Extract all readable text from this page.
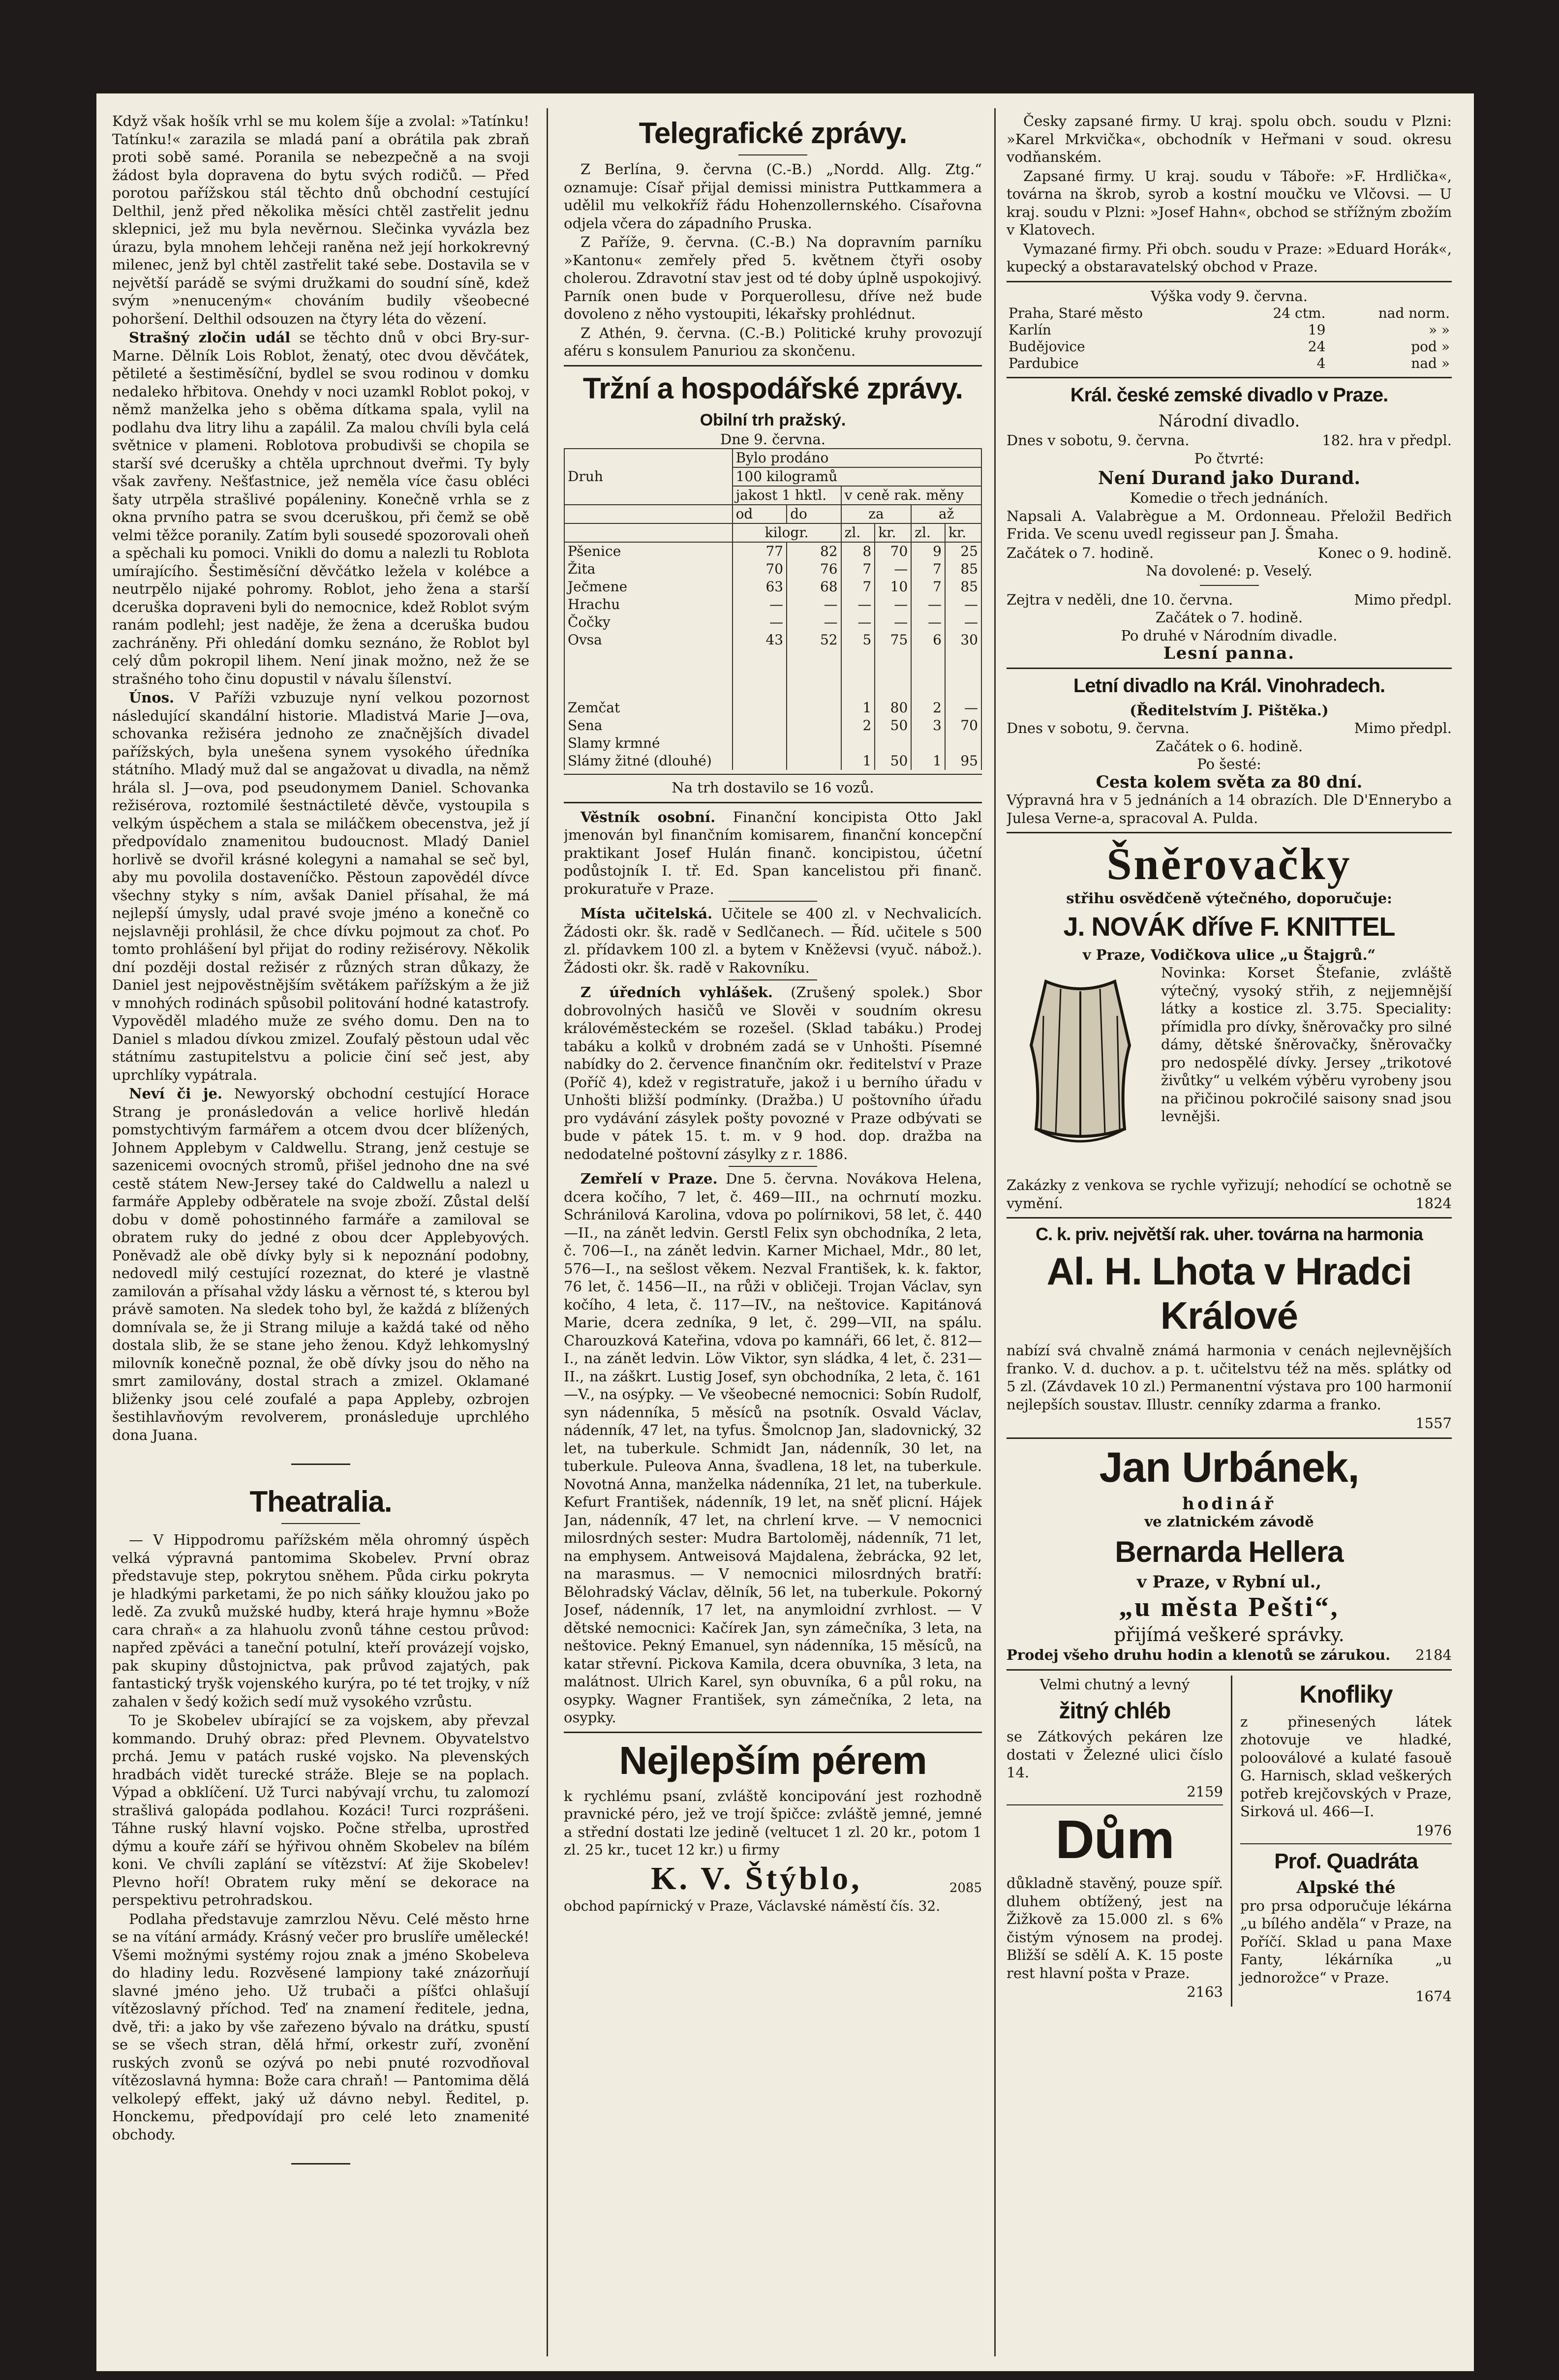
Když však hošík vrhl se mu kolem šíje a zvolal: »Tatínku! Tatínku!« zarazila se mladá paní a obrátila pak zbraň proti sobě samé. Poranila se nebezpečně a na svoji žádost byla dopravena do bytu svých rodičů. — Před porotou pařížskou stál těchto dnů obchodní cestující Delthil, jenž před několika měsíci chtěl zastřelit jednu sklepnici, jež mu byla nevěrnou. Slečinka vyvázla bez úrazu, byla mnohem lehčeji raněna než její horkokrevný milenec, jenž byl chtěl zastřelit také sebe. Dostavila se v největší parádě se svými družkami do soudní síně, kdež svým »nenuceným« chováním budily všeobecné pohoršení. Delthil odsouzen na čtyry léta do vězení.

Strašný zločin udál se těchto dnů v obci Bry-sur-Marne. Dělník Lois Roblot, ženatý, otec dvou děvčátek, pětileté a šestiměsíční, bydlel se svou rodinou v domku nedaleko hřbitova. Onehdy v noci uzamkl Roblot pokoj, v němž manželka jeho s oběma dítkama spala, vylil na podlahu dva litry lihu a zapálil. Za malou chvíli byla celá světnice v plameni. Roblotova probudivši se chopila se starší své dcerušky a chtěla uprchnout dveřmi. Ty byly však zavřeny. Nešťastnice, jež neměla více času obléci šaty utrpěla strašlivé popáleniny. Konečně vrhla se z okna prvního patra se svou dceruškou, při čemž se obě velmi těžce poranily. Zatím byli sousedé spozorovali oheň a spěchali ku pomoci. Vnikli do domu a nalezli tu Roblota umírajícího. Šestiměsíční děvčátko ležela v kolébce a neutrpělo nijaké pohromy. Roblot, jeho žena a starší dceruška dopraveni byli do nemocnice, kdež Roblot svým ranám podlehl; jest naděje, že žena a dceruška budou zachráněny. Při ohledání domku seznáno, že Roblot byl celý dům pokropil lihem. Není jinak možno, než že se strašného toho činu dopustil v návalu šílenství.

Únos. V Paříži vzbuzuje nyní velkou pozornost následující skandální historie. Mladistvá Marie J—ova, schovanka režiséra jednoho ze značnějších divadel pařížských, byla unešena synem vysokého úředníka státního. Mladý muž dal se angažovat u divadla, na němž hrála sl. J—ova, pod pseudonymem Daniel. Schovanka režisérova, roztomilé šestnáctileté děvče, vystoupila s velkým úspěchem a stala se miláčkem obecenstva, jež jí předpovídalo znamenitou budoucnost. Mladý Daniel horlivě se dvořil krásné kolegyni a namahal se seč byl, aby mu povolila dostaveníčko. Pěstoun zapovědél dívce všechny styky s ním, avšak Daniel přísahal, že má nejlepší úmysly, udal pravé svoje jméno a konečně co nejslavněji prohlásil, že chce dívku pojmout za choť. Po tomto prohlášení byl přijat do rodiny režisérovy. Několik dní později dostal režisér z různých stran důkazy, že Daniel jest nejpověstnějším světákem pařížským a že již v mnohých rodinách spůsobil politování hodné katastrofy. Vypověděl mladého muže ze svého domu. Den na to Daniel s mladou dívkou zmizel. Zoufalý pěstoun udal věc státnímu zastupitelstvu a policie činí seč jest, aby uprchlíky vypátrala.

Neví či je. Newyorský obchodní cestující Horace Strang je pronásledován a velice horlivě hledán pomstychtivým farmářem a otcem dvou dcer blížených, Johnem Applebym v Caldwellu. Strang, jenž cestuje se sazenicemi ovocných stromů, přišel jednoho dne na své cestě státem New-Jersey také do Caldwellu a nalezl u farmáře Appleby odběratele na svoje zboží. Zůstal delší dobu v domě pohostinného farmáře a zamiloval se obratem ruky do jedné z obou dcer Applebyových. Poněvadž ale obě dívky byly si k nepoznání podobny, nedovedl milý cestující rozeznat, do které je vlastně zamilován a přísahal vždy lásku a věrnost té, s kterou byl právě samoten. Na sledek toho byl, že každá z blížených domnívala se, že ji Strang miluje a každá také od něho dostala slib, že se stane jeho ženou. Když lehkomyslný milovník konečně poznal, že obě dívky jsou do něho na smrt zamilovány, dostal strach a zmizel. Oklamané bliženky jsou celé zoufalé a papa Appleby, ozbrojen šestihlavňovým revolverem, pronásleduje uprchlého dona Juana.

Theatralia.

— V Hippodromu pařížském měla ohromný úspěch velká výpravná pantomima Skobelev. První obraz představuje step, pokrytou sněhem. Půda cirku pokryta je hladkými parketami, že po nich sáňky kloužou jako po ledě. Za zvuků mužské hudby, která hraje hymnu »Bože cara chraň« a za hlahuolu zvonů táhne cestou průvod: napřed zpěváci a taneční potulní, kteří provázejí vojsko, pak skupiny důstojnictva, pak průvod zajatých, pak fantastický tryšk vojenského kurýra, po té tet trojky, v níž zahalen v šedý kožich sedí muž vysokého vzrůstu.

To je Skobelev ubírající se za vojskem, aby převzal kommando. Druhý obraz: před Plevnem. Obyvatelstvo prchá. Jemu v patách ruské vojsko. Na plevenských hradbách vidět turecké stráže. Bleje se na poplach. Výpad a obklíčení. Už Turci nabývají vrchu, tu zalomozí strašlivá galopáda podlahou. Kozáci! Turci rozprášeni. Táhne ruský hlavní vojsko. Počne střelba, uprostřed dýmu a kouře září se hýřivou ohněm Skobelev na bílém koni. Ve chvíli zaplání se vítězství: Ať žije Skobelev! Plevno hoří! Obratem ruky mění se dekorace na perspektivu petrohradskou.

Podlaha představuje zamrzlou Něvu. Celé město hrne se na vítání armády. Krásný večer pro bruslíře umělecké! Všemi možnými systémy rojou znak a jméno Skobeleva do hladiny ledu. Rozvěsené lampiony také znázorňují slavné jméno jeho. Už trubači a píšťci ohlašují vítězoslavný příchod. Teď na znamení ředitele, jedna, dvě, tři: a jako by vše zařezeno bývalo na drátku, spustí se se všech stran, dělá hřmí, orkestr zuří, zvonění ruských zvonů se ozývá po nebi pnuté rozvodňoval vítězoslavná hymna: Bože cara chraň! — Pantomima dělá velkolepý effekt, jaký už dávno nebyl. Ředitel, p. Honckemu, předpovídají pro celé leto znamenité obchody.

Telegrafické zprávy.

Z Berlína, 9. června (C.-B.) „Nordd. Allg. Ztg.“ oznamuje: Císař přijal demissi ministra Puttkammera a udělil mu velkokříž řádu Hohenzollernského. Císařovna odjela včera do západního Pruska.

Z Paříže, 9. června. (C.-B.) Na dopravním parníku »Kantonu« zemřely před 5. květnem čtyři osoby cholerou. Zdravotní stav jest od té doby úplně uspokojivý. Parník onen bude v Porquerollesu, dříve než bude dovoleno z něho vystoupiti, lékařsky prohlédnut.

Z Athén, 9. června. (C.-B.) Politické kruhy provozují aféru s konsulem Panuriou za skončenu.

Tržní a hospodářské zprávy.
Obilní trh pražský.

Dne 9. června.

Druh	Bylo prodáno					
	100 kilogramů					
	jakost 1 hktl.		v ceně rak. měny			
	od	do	za		až	
	kilogr.		zl.	kr.	zl.	kr.
Pšenice	77	82	8	70	9	25
Žita	70	76	7	—	7	85
Ječmene	63	68	7	10	7	85
Hrachu	—	—	—	—	—	—
Čočky	—	—	—	—	—	—
Ovsa	43	52	5	75	6	30

Zemčat			1	80	2	—
Sena			2	50	3	70
Slamy krmné						
Slámy žitné (dlouhé)			1	50	1	95

Na trh dostavilo se 16 vozů.

Věstník osobní. Finanční koncipista Otto Jakl jmenován byl finančním komisarem, finanční koncepční praktikant Josef Hulán finanč. koncipistou, účetní podůstojník I. tř. Ed. Span kancelistou při finanč. prokuratuře v Praze.

Místa učitelská. Učitele se 400 zl. v Nechvalicích. Žádosti okr. šk. radě v Sedlčanech. — Říd. učitele s 500 zl. přídavkem 100 zl. a bytem v Kněževsi (vyuč. nábož.). Žádosti okr. šk. radě v Rakovníku.

Z úředních vyhlášek. (Zrušený spolek.) Sbor dobrovolných hasičů ve Slověi v soudním okresu královéměsteckém se rozešel. (Sklad tabáku.) Prodej tabáku a kolků v drobném zadá se v Unhošti. Písemné nabídky do 2. července finančním okr. ředitelství v Praze (Poříč 4), kdež v registratuře, jakož i u berního úřadu v Unhošti bližší podmínky. (Dražba.) U poštovního úřadu pro vydávání zásylek pošty povozné v Praze odbývati se bude v pátek 15. t. m. v 9 hod. dop. dražba na nedodatelné poštovní zásylky z r. 1886.

Zemřelí v Praze. Dne 5. června. Novákova Helena, dcera kočího, 7 let, č. 469—III., na ochrnutí mozku. Schránilová Karolina, vdova po polírnikovi, 58 let, č. 440—II., na zánět ledvin. Gerstl Felix syn obchodníka, 2 leta, č. 706—I., na zánět ledvin. Karner Michael, Mdr., 80 let, 576—I., na sešlost věkem. Nezval František, k. k. faktor, 76 let, č. 1456—II., na růži v obličeji. Trojan Václav, syn kočího, 4 leta, č. 117—IV., na neštovice. Kapitánová Marie, dcera zedníka, 9 let, č. 299—VII, na spálu. Charouzková Kateřina, vdova po kamnáři, 66 let, č. 812—I., na zánět ledvin. Löw Viktor, syn sládka, 4 let, č. 231—II., na záškrt. Lustig Josef, syn obchodníka, 2 leta, č. 161—V., na osýpky. — Ve všeobecné nemocnici: Sobín Rudolf, syn nádenníka, 5 měsíců na psotník. Osvald Václav, nádenník, 47 let, na tyfus. Šmolcnop Jan, sladovnický, 32 let, na tuberkule. Schmidt Jan, nádenník, 30 let, na tuberkule. Puleova Anna, švadlena, 18 let, na tuberkule. Novotná Anna, manželka nádenníka, 21 let, na tuberkule. Kefurt František, nádenník, 19 let, na sněť plicní. Hájek Jan, nádenník, 47 let, na chrlení krve. — V nemocnici milosrdných sester: Mudra Bartoloměj, nádenník, 71 let, na emphysem. Antweisová Majdalena, žebrácka, 92 let, na marasmus. — V nemocnici milosrdných bratří: Bělohradský Václav, dělník, 56 let, na tuberkule. Pokorný Josef, nádenník, 17 let, na anymloidní zvrhlost. — V dětské nemocnici: Kačírek Jan, syn zámečníka, 3 leta, na neštovice. Pekný Emanuel, syn nádenníka, 15 měsíců, na katar střevní. Pickova Kamila, dcera obuvníka, 3 leta, na malátnost. Ulrich Karel, syn obuvníka, 6 a půl roku, na osypky. Wagner František, syn zámečníka, 2 leta, na osypky.

Nejlepším pérem

k rychlému psaní, zvláště koncipování jest rozhodně pravnické péro, jež ve trojí špičce: zvláště jemné, jemné a střední dostati lze jedině (veltucet 1 zl. 20 kr., potom 1 zl. 25 kr., tucet 12 kr.) u firmy

K. V. Štýblo,	2085

obchod papírnický v Praze, Václavské náměstí čís. 32.

Česky zapsané firmy. U kraj. spolu obch. soudu v Plzni: »Karel Mrkvička«, obchodník v Heřmani v soud. okresu vodňanském.

Zapsané firmy. U kraj. soudu v Táboře: »F. Hrdlička«, továrna na škrob, syrob a kostní moučku ve Vlčovsi. — U kraj. soudu v Plzni: »Josef Hahn«, obchod se střížným zbožím v Klatovech.

Vymazané firmy. Při obch. soudu v Praze: »Eduard Horák«, kupecký a obstaravatelský obchod v Praze.

Výška vody 9. června.

Praha, Staré město	24 ctm.	nad norm.
Karlín	19	» »
Budějovice	24	pod »
Pardubice	4	nad »
Král. české zemské divadlo v Praze.

Národní divadlo.

Dnes v sobotu, 9. června.	182. hra v předpl.

Po čtvrté:

Není Durand jako Durand.

Komedie o třech jednáních.

Napsali A. Valabrègue a M. Ordonneau. Přeložil Bedřich Frida. Ve scenu uvedl regisseur pan J. Šmaha.

Začátek o 7. hodině.	Konec o 9. hodině.

Na dovolené: p. Veselý.

Zejtra v neděli, dne 10. června.	Mimo předpl.

Začátek o 7. hodině.

Po druhé v Národním divadle.

Lesní panna.

Letní divadlo na Král. Vinohradech.

(Ředitelstvím J. Pištěka.)

Dnes v sobotu, 9. června.	Mimo předpl.

Začátek o 6. hodině.

Po šesté:

Cesta kolem světa za 80 dní.

Výpravná hra v 5 jednáních a 14 obrazích. Dle D'Ennerybo a Julesa Verne-a, spracoval A. Pulda.

Šněrovačky

střihu osvědčeně výtečného, doporučuje:

J. NOVÁK dříve F. KNITTEL

v Praze, Vodičkova ulice „u Štajgrů.“

Novinka: Korset Štefanie, zvláště výtečný, vysoký střih, z nejjemnější látky a kostice zl. 3.75. Speciality: přímidla pro dívky, šněrovačky pro silné dámy, dětské šněrovačky, šněrovačky pro nedospělé dívky. Jersey „trikotové živůtky“ u velkém výběru vyrobeny jsou na přičinou pokročilé saisony snad jsou levnějši.

Zakázky z venkova se rychle vyřizují; nehodící se ochotně se vymění.	1824

C. k. priv. největší rak. uher. továrna na harmonia
Al. H. Lhota v Hradci Králové

nabízí svá chvalně známá harmonia v cenách nejlevnějších franko. V. d. duchov. a p. t. učitelstvu též na měs. splátky od 5 zl. (Závdavek 10 zl.) Permanentní výstava pro 100 harmonií nejlepších soustav. Illustr. cenníky zdarma a franko.

1557

Jan Urbánek,

hodinář

ve zlatnickém závodě

Bernarda Hellera

v Praze, v Rybní ul.,

„u města Pešti“,

přijímá veškeré správky.

Prodej všeho druhu hodin a klenotů se zárukou. 2184

Velmi chutný a levný

žitný chléb

se Zátkových pekáren lze dostati v Železné ulici číslo 14.

2159

Dům

důkladně stavěný, pouze spíř. dluhem obtížený, jest na Žižkově za 15.000 zl. s 6% čistým výnosem na prodej. Bližší se sdělí A. K. 15 poste rest hlavní pošta v Praze.

2163

Knofliky

z přinesených látek zhotovuje ve hladké, polooválové a kulaté fasouě G. Harnisch, sklad veškerých potřeb krejčovských v Praze, Sirková ul. 466—I.

1976

Prof. Quadráta

Alpské thé

pro prsa odporučuje lékárna „u bílého anděla“ v Praze, na Poříčí. Sklad u pana Maxe Fanty, lékárníka „u jednorožce“ v Praze.

1674
